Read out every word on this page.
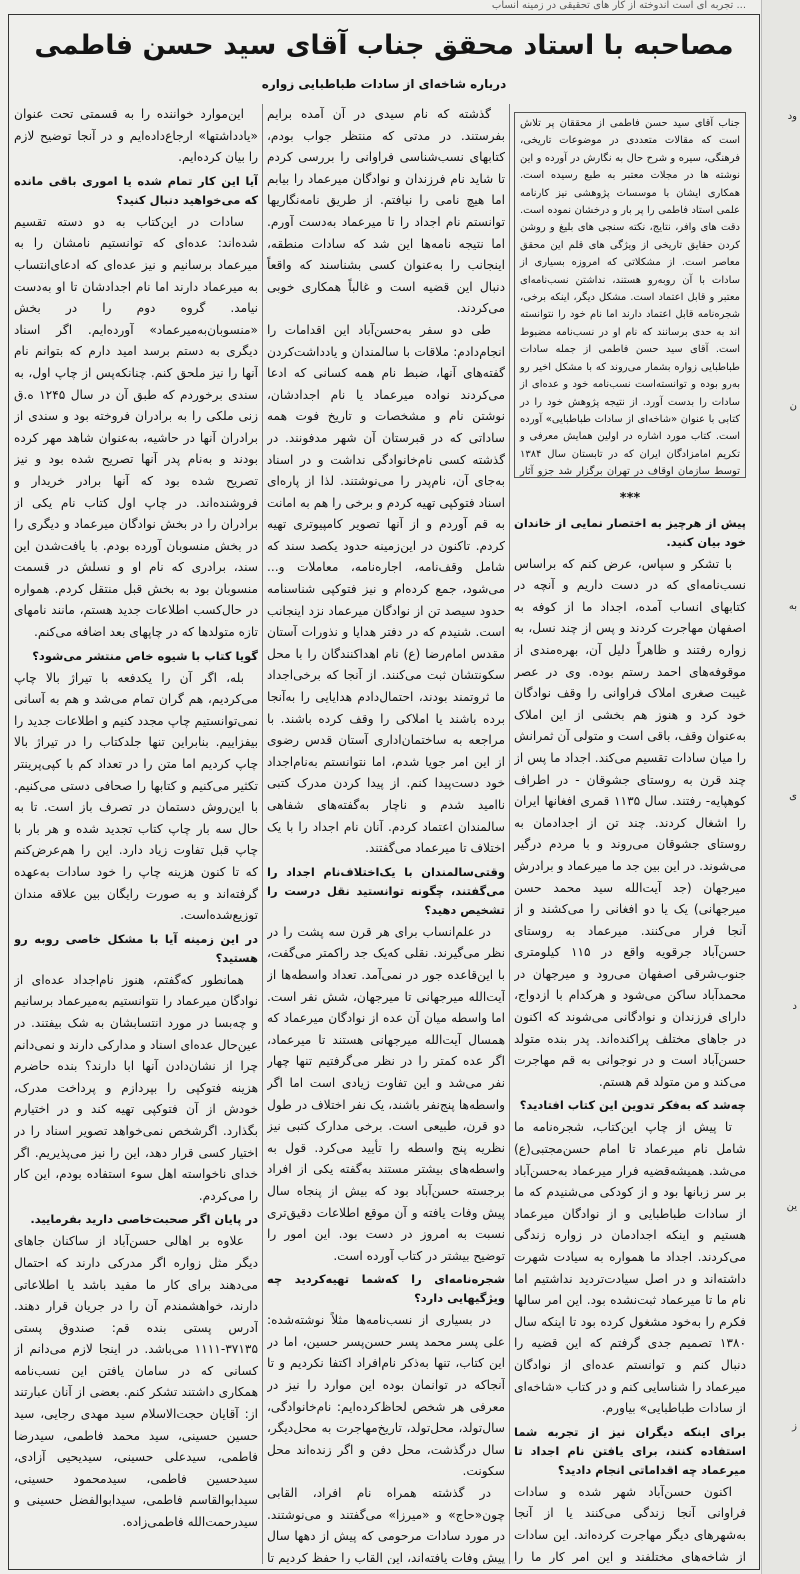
... تجربه ای است اندوخته از کار های تحقیقی در زمینه انساب
ود
ن
به
ی
د
ین
ز
مصاحبه با استاد محقق جناب آقای سید حسن فاطمی
درباره شاخه‌ای از سادات طباطبایی زواره

جناب آقای سید حسن فاطمی از محققان پر تلاش است که مقالات متعددی در موضوعات تاریخی، فرهنگی، سیره و شرح حال به نگارش در آورده و این نوشته ها در مجلات معتبر به طبع رسیده است. همکاری ایشان با موسسات پژوهشی نیز کارنامه علمی استاد فاطمی را پر بار و درخشان نموده است. دقت های وافر، نتایج، نکته سنجی های بلیغ و روشن کردن حقایق تاریخی از ویژگی های قلم این محقق معاصر است. از مشکلاتی که امروزه بسیاری از سادات با آن روبه‌رو هستند، نداشتن نسب‌نامه‌ای معتبر و قابل اعتماد است. مشکل دیگر، اینکه برخی، شجره‌نامه قابل اعتماد دارند اما نام خود را نتوانسته اند به حدی برسانند که نام او در نسب‌نامه مضبوط است. آقای سید حسن فاطمی از جمله سادات طباطبایی زواره بشمار می‌روند که با مشکل اخیر رو به‌رو بوده و توانسته‌است نسب‌نامه خود و عده‌ای از سادات را بدست آورد. از نتیجه پژوهش خود را در کتابی با عنوان «شاخه‌ای از سادات طباطبایی» آورده است. کتاب مورد اشاره در اولین همایش معرفی و تکریم امامزادگان ایران که در تابستان سال ۱۳۸۴ توسط سازمان اوقاف در تهران برگزار شد جزو آثار

***
پیش از هرچیز به اختصار نمایی از خاندان خود بیان کنید.

با تشکر و سپاس، عرض کنم که براساس نسب‌نامه‌ای که در دست داریم و آنچه در کتابهای انساب آمده، اجداد ما از کوفه به اصفهان مهاجرت کردند و پس از چند نسل، به زواره رفتند و ظاهراً دلیل آن، بهره‌مندی از موقوفه‌های احمد رستم بوده. وی در عصر غیبت صغری املاک فراوانی را وقف نوادگان خود کرد و هنوز هم بخشی از این املاک به‌عنوان وقف، باقی است و متولی آن ثمرانش را میان سادات تقسیم می‌کند. اجداد ما پس از چند قرن به روستای جشوقان - در اطراف کوهپایه- رفتند. سال ۱۱۳۵ قمری افغانها ایران را اشغال کردند. چند تن از اجدادمان به روستای جشوقان می‌روند و با مردم درگیر می‌شوند. در این بین جد ما میرعماد و برادرش میرجهان (جد آیت‌الله سید محمد حسن میرجهانی) یک یا دو افغانی را می‌کشند و از آنجا فرار می‌کنند. میرعماد به روستای حسن‌آباد جرقویه واقع در ۱۱۵ کیلومتری جنوب‌شرقی اصفهان می‌رود و میرجهان در محمدآباد ساکن می‌شود و هرکدام با ازدواج، دارای فرزندان و نوادگانی می‌شوند که اکنون در جاهای مختلف پراکنده‌اند. پدر بنده متولد حسن‌آباد است و در نوجوانی به قم مهاجرت می‌کند و من متولد قم هستم.

چه‌شد که به‌فکر تدوین این کتاب افتادید؟

تا پیش از چاپ این‌کتاب، شجره‌نامه ما شامل نام میرعماد تا امام حسن‌مجتبی(ع) می‌شد. همیشه‌قضیه فرار میرعماد به‌حسن‌آباد بر سر زبانها بود و از کودکی می‌شنیدم که ما از سادات طباطبایی و از نوادگان میرعماد هستیم و اینکه اجدادمان در زواره زندگی می‌کردند. اجداد ما همواره به سیادت شهرت داشته‌اند و در اصل سیادت‌تردید نداشتیم اما نام ما تا میرعماد ثبت‌نشده بود. این امر سالها فکرم را به‌خود مشغول کرده بود تا اینکه سال ۱۳۸۰ تصمیم جدی گرفتم که این قضیه را دنبال کنم و توانستم عده‌ای از نوادگان میرعماد را شناسایی کنم و در کتاب «شاخه‌ای از سادات طباطبایی» بیاورم.

برای اینکه دیگران نیز از تجربه شما استفاده کنند، برای یافتن نام اجداد تا میرعماد چه اقداماتی انجام دادید؟

اکنون حسن‌آباد شهر شده و سادات فراوانی آنجا زندگی می‌کنند یا از آنجا به‌شهرهای دیگر مهاجرت کرده‌اند. این سادات از شاخه‌های مختلفند و این امر کار ما را

گذشته که نام سیدی در آن آمده برایم بفرستند. در مدتی که منتظر جواب بودم، کتابهای نسب‌شناسی فراوانی را بررسی کردم تا شاید نام فرزندان و نوادگان میرعماد را بیابم اما هیچ نامی را نیافتم. از طریق نامه‌نگاریها توانستم نام اجداد را تا میرعماد به‌دست آورم. اما نتیجه نامه‌ها این شد که سادات منطقه، اینجانب را به‌عنوان کسی بشناسند که واقعاً دنبال این قضیه است و غالباً همکاری خوبی می‌کردند.

طی دو سفر به‌حسن‌آباد این اقدامات را انجام‌دادم: ملاقات با سالمندان و یادداشت‌کردن گفته‌های آنها، ضبط نام همه کسانی که ادعا می‌کردند نواده میرعماد یا نام اجدادشان، نوشتن نام و مشخصات و تاریخ فوت همه ساداتی که در قبرستان آن شهر مدفونند. در گذشته کسی نام‌خانوادگی نداشت و در اسناد به‌جای آن، نام‌پدر را می‌نوشتند. لذا از پاره‌ای اسناد فتوکپی تهیه کردم و برخی را هم به امانت به قم آوردم و از آنها تصویر کامپیوتری تهیه کردم. تاکنون در این‌زمینه حدود یکصد سند که شامل وقف‌نامه، اجاره‌نامه، معاملات و... می‌شود، جمع کرده‌ام و نیز فتوکپی شناسنامه حدود سیصد تن از نوادگان میرعماد نزد اینجانب است. شنیدم که در دفتر هدایا و نذورات آستان مقدس امام‌رضا (ع) نام اهداکنندگان را با محل سکونتشان ثبت می‌کنند. از آنجا که برخی‌اجداد ما ثروتمند بودند، احتمال‌دادم هدایایی را به‌آنجا برده باشند یا املاکی را وقف کرده باشند. با مراجعه به ساختمان‌اداری آستان قدس رضوی از این امر جویا شدم، اما نتوانستم به‌نام‌اجداد خود دست‌پیدا کنم. از پیدا کردن مدرک کتبی ناامید شدم و ناچار به‌گفته‌های شفاهی سالمندان اعتماد کردم. آنان نام اجداد را با یک اختلاف تا میرعماد می‌گفتند.

وقتی‌سالمندان با یک‌اختلاف‌نام اجداد را می‌گفتند، چگونه توانستید نقل درست را تشخیص دهید؟

در علم‌انساب برای هر قرن سه پشت را در نظر می‌گیرند. نقلی که‌یک جد را‌کمتر می‌گفت، با این‌قاعده جور در نمی‌آمد. تعداد واسطه‌ها از آیت‌الله میرجهانی تا میرجهان، شش نفر است. اما واسطه میان آن عده از نوادگان میرعماد که همسال آیت‌الله میرجهانی هستند تا میرعماد، اگر عده کمتر را در نظر می‌گرفتیم تنها چهار نفر می‌شد و این تفاوت زیادی است اما اگر واسطه‌ها پنج‌نفر باشند، یک نفر اختلاف در طول دو قرن، طبیعی است. برخی مدارک کتبی نیز نظریه پنج واسطه را تأیید می‌کرد. قول به واسطه‌های بیشتر مستند به‌گفته یکی از افراد برجسته حسن‌آباد بود که بیش از پنجاه سال پیش وفات یافته و آن موقع اطلاعات دقیق‌تری نسبت به امروز در دست بود. این امور را توضیح بیشتر در کتاب آورده است.

شجره‌نامه‌ای را که‌شما تهیه‌کردید چه ویژگیهایی دارد؟

در بسیاری از نسب‌نامه‌ها مثلاً نوشته‌شده: علی پسر محمد پسر حسن‌پسر حسین، اما در این کتاب، تنها به‌ذکر نام‌افراد اکتفا نکردیم و تا آنجا‌که در توانمان بوده این موارد را نیز در معرفی هر شخص لحاظ‌کرده‌ایم: نام‌خانوادگی، سال‌تولد، محل‌تولد، تاریخ‌مهاجرت به محل‌دیگر، سال درگذشت، محل دفن و اگر زنده‌اند محل سکونت.

در گذشته همراه نام افراد، القابی چون«حاج» و «میرزا» می‌گفتند و می‌نوشتند. در مورد سادات مرحومی که پیش از دهها سال پیش وفات یافته‌اند، این القاب را حفظ کردیم تا

این‌موارد خواننده را به قسمتی تحت عنوان «یادداشتها» ارجاع‌داده‌ایم و در آنجا توضیح لازم را بیان کرده‌ایم.

آیا این کار تمام شده یا اموری باقی مانده که می‌خواهید دنبال کنید؟

سادات در این‌کتاب به دو دسته تقسیم شده‌اند: عده‌ای که توانستیم نامشان را به میرعماد برسانیم و نیز عده‌ای که ادعای‌انتساب به میرعماد دارند اما نام اجدادشان تا او به‌دست نیامد. گروه دوم را در بخش «منسوبان‌به‌میرعماد» آورده‌ایم. اگر اسناد دیگری به دستم برسد امید دارم که بتوانم نام آنها را نیز ملحق کنم. چنانکه‌پس از چاپ اول، به سندی برخوردم که طبق آن در سال ۱۲۴۵ ه.ق زنی ملکی را به برادران فروخته بود و سندی از برادران آنها در حاشیه، به‌عنوان شاهد مهر کرده بودند و به‌نام پدر آنها تصریح شده بود و نیز تصریح شده بود که آنها برادر خریدار و فروشنده‌اند. در چاپ اول کتاب نام یکی از برادران را در بخش نوادگان میرعماد و دیگری را در بخش منسوبان آورده بودم. با یافت‌شدن این سند، برادری که نام او و نسلش در قسمت منسوبان بود به بخش قبل منتقل کردم. همواره در حال‌کسب اطلاعات جدید هستم، مانند نامهای تازه متولدها که در چاپهای بعد اضافه می‌کنم.

گویا کتاب با شیوه خاص منتشر می‌شود؟

بله، اگر آن را یکدفعه با تیراژ بالا چاپ می‌کردیم، هم گران تمام می‌شد و هم به آسانی نمی‌توانستیم چاپ مجدد کنیم و اطلاعات جدید را بیفزاییم. بنابراین تنها جلد‌کتاب را در تیراژ بالا چاپ کردیم اما متن را در تعداد کم با کپی‌پرینتر تکثیر می‌کنیم و کتابها را صحافی دستی می‌کنیم. با این‌روش دستمان در تصرف باز است. تا به حال سه بار چاپ کتاب تجدید شده و هر بار با چاپ قبل تفاوت زیاد دارد. این را هم‌عرض‌کنم که تا کنون هزینه چاپ را خود سادات به‌عهده گرفته‌اند و به صورت رایگان بین علاقه مندان توزیع‌شده‌است.

در این زمینه آیا با مشکل خاصی روبه رو هستید؟

همانطور که‌گفتم، هنوز نام‌اجداد عده‌ای از نوادگان میرعماد را نتوانستیم به‌میرعماد برسانیم و چه‌بسا در مورد انتسابشان به شک بیفتند. در عین‌حال عده‌ای اسناد و مدارکی دارند و نمی‌دانم چرا از نشان‌دادن آنها ابا دارند؟ بنده حاضرم هزینه فتوکپی را بپردازم و پرداخت مدرک، خودش از آن فتوکپی تهیه کند و در اختیارم بگذارد. اگرشخص نمی‌خواهد تصویر اسناد را در اختیار کسی قرار دهد، این را نیز می‌پذیریم. اگر خدای ناخواسته اهل سوء استفاده بودم، این کار را می‌کردم.

در پایان اگر صحبت‌خاصی دارید بفرمایید.

علاوه بر اهالی حسن‌آباد از ساکنان جاهای دیگر مثل زواره اگر مدرکی دارند که احتمال می‌دهند برای کار ما مفید باشد یا اطلاعاتی دارند، خواهشمندم آن را در جریان قرار دهند. آدرس پستی بنده قم: صندوق پستی ۳۷۱۳۵-۱۱۱۱ می‌باشد. در اینجا لازم می‌دانم از کسانی که در سامان یافتن این نسب‌نامه همکاری داشتند تشکر کنم. بعضی از آنان عبارتند از: آقایان حجت‌الاسلام سید مهدی رجایی، سید حسین حسینی، سید محمد فاطمی، سیدرضا فاطمی، سیدعلی حسینی، سیدیحیی آزادی، سیدحسین فاطمی، سیدمحمود حسینی، سیدابوالقاسم فاطمی، سیدابوالفضل حسینی و سیدرحمت‌الله فاطمی‌زاده.
